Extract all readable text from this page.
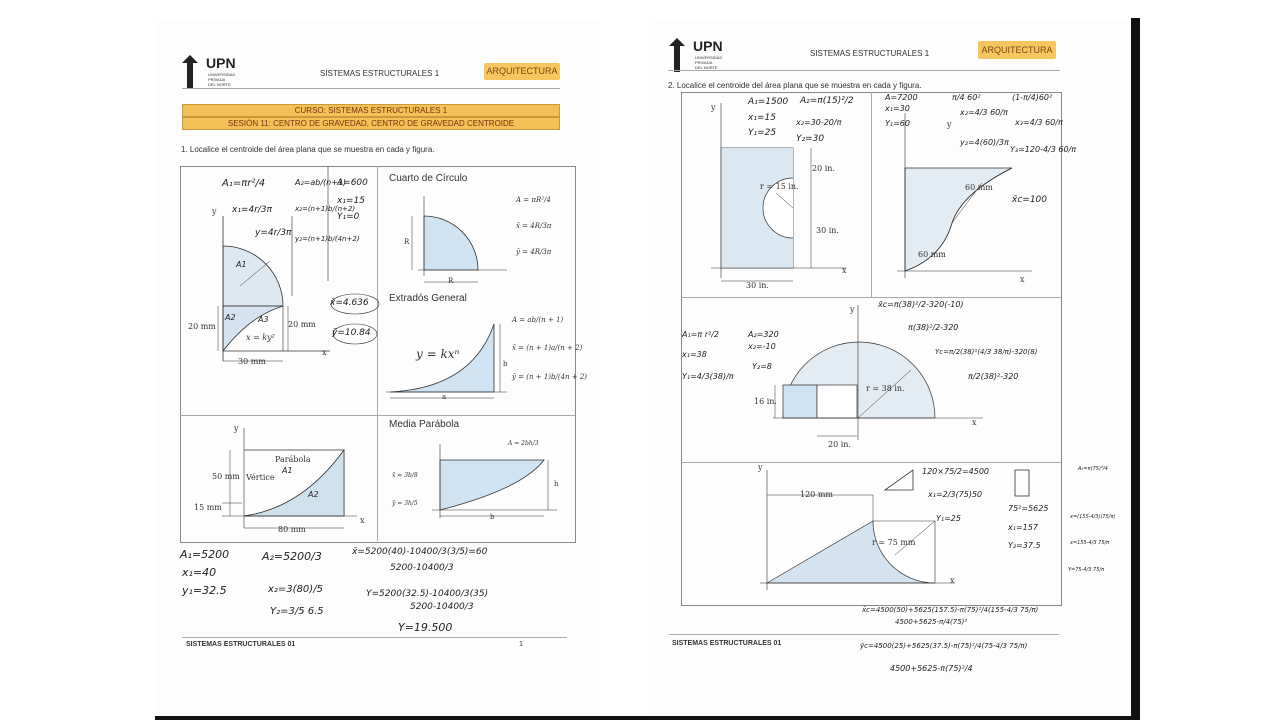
UPN
UNIVERSIDAD
PRIVADA
DEL NORTE
SISTEMAS ESTRUCTURALES 1	ARQUITECTURA
CURSO: SISTEMAS ESTRUCTURALES 1
SESIÓN 11: CENTRO DE GRAVEDAD, CENTRO DE GRAVEDAD CENTROIDE
1. Localice el centroide del área plana que se muestra en cada y figura.
A₁=πr²/4
x₁=4r/3π
y=4r/3π
A₂=ab/(n+1)
x₂=(n+1)b/(n+2)
y₂=(n+1)b/(4n+2)
A=600
x₁=15
Y₁=0
x̄=4.636
ȳ=10.84
A1
A2	A3
20 mm	20 mm
30 mm
x = ky²
y
x
Cuarto de Círculo
R
R
A = πR²/4
x̄ = 4R/3π
ȳ = 4R/3π
Extradós General
y = kxⁿ
a
b
A = ab/(n + 1)
x̄ = (n + 1)a/(n + 2)
ȳ = (n + 1)b/(4n + 2)
Parábola
Vértice
A1
A2
50 mm
15 mm
80 mm
y
x
Media Parábola
b
h
A = 2bh/3
x̄ = 3b/8
ȳ = 3h/5
A₁=5200
x₁=40
y₁=32.5
A₂=5200/3
x₂=3(80)/5
Y₂=3/5 6.5
x̄=5200(40)-10400/3(3/5)=60
5200-10400/3
Y=5200(32.5)-10400/3(35)
5200-10400/3
Y=19.500
SISTEMAS ESTRUCTURALES 01	1
UPN
UNIVERSIDAD
PRIVADA
DEL NORTE
SISTEMAS ESTRUCTURALES 1	ARQUITECTURA
2. Localice el centroide del área plana que se muestra en cada y figura.
A₁=1500
x₁=15
Y₁=25
A₂=π(15)²/2
x₂=30-20/π
Y₂=30
r = 15 in.
20 in.
30 in.
30 in.
y
x
A=7200
x₁=30
Y₁=60
π/4 60²
x₂=4/3 60/π
y₂=4(60)/3π
(1-π/4)60²
x₃=4/3 60/π
Y₃=120-4/3 60/π
x̄c=100
60 mm
60 mm
y
x
A₁=π r²/2
x₁=38
Y₁=4/3(38)/π
A₂=320
x₂=-10
Y₂=8
x̄c=π(38)²/2-320(-10)
π(38)²/2-320
Yc=π/2(38)²(4/3 38/π)-320(8)
π/2(38)²-320
r = 38 in.
16 in.
20 in.
y
x
120 mm
r = 75 mm
y
x
120×75/2=4500
x₁=2/3(75)50
Y₁=25
75²=5625
x₁=157
Y₂=37.5
A₃=π(75)²/4
x=(155-4/3)(75/π)
x=155-4/3 75/π
Y=75-4/3 75/π
x̄c=4500(50)+5625(157.5)-π(75)²/4(155-4/3 75/π)
4500+5625-π/4(75)²
ȳc=4500(25)+5625(37.5)-π(75)²/4(75-4/3 75/π)
4500+5625-π(75)²/4
SISTEMAS ESTRUCTURALES 01
